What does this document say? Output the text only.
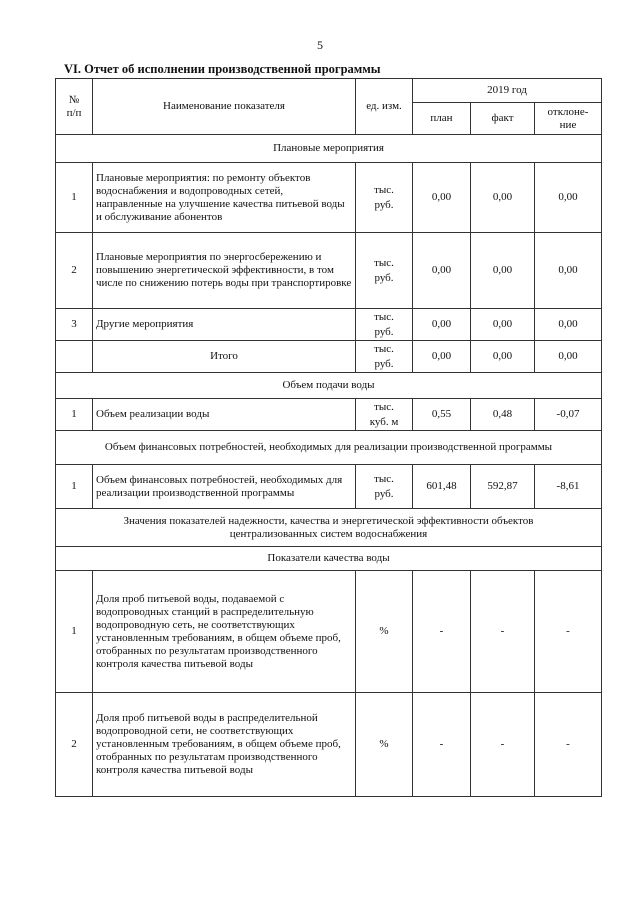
5
VI. Отчет об исполнении производственной программы
№
п/п	Наименование показателя	ед. изм.	2019 год		
			план	факт	отклоне-
ние
Плановые мероприятия					
1	Плановые мероприятия: по ремонту объектов водоснабжения и водопроводных сетей, направленные на улучшение качества питьевой воды и обслуживание абонентов	тыс.
руб.	0,00	0,00	0,00
2	Плановые мероприятия по энергосбережению и повышению энергетической эффективности, в том числе по снижению потерь воды при транспортировке	тыс.
руб.	0,00	0,00	0,00
3	Другие мероприятия	тыс.
руб.	0,00	0,00	0,00
	Итого	тыс.
руб.	0,00	0,00	0,00
Объем подачи воды					
1	Объем реализации воды	тыс.
куб. м	0,55	0,48	-0,07
Объем финансовых потребностей, необходимых для реализации производственной программы					
1	Объем финансовых потребностей, необходимых для реализации производственной программы	тыс.
руб.	601,48	592,87	-8,61
Значения показателей надежности, качества и энергетической эффективности объектов
централизованных систем водоснабжения					
Показатели качества воды					
1	Доля проб питьевой воды, подаваемой с водопроводных станций в распределительную водопроводную сеть, не соответствующих установленным требованиям, в общем объеме проб, отобранных по результатам производственного контроля качества питьевой воды	%	-	-	-
2	Доля проб питьевой воды в распределительной водопроводной сети, не соответствующих установленным требованиям, в общем объеме проб, отобранных по результатам производственного контроля качества питьевой воды	%	-	-	-
